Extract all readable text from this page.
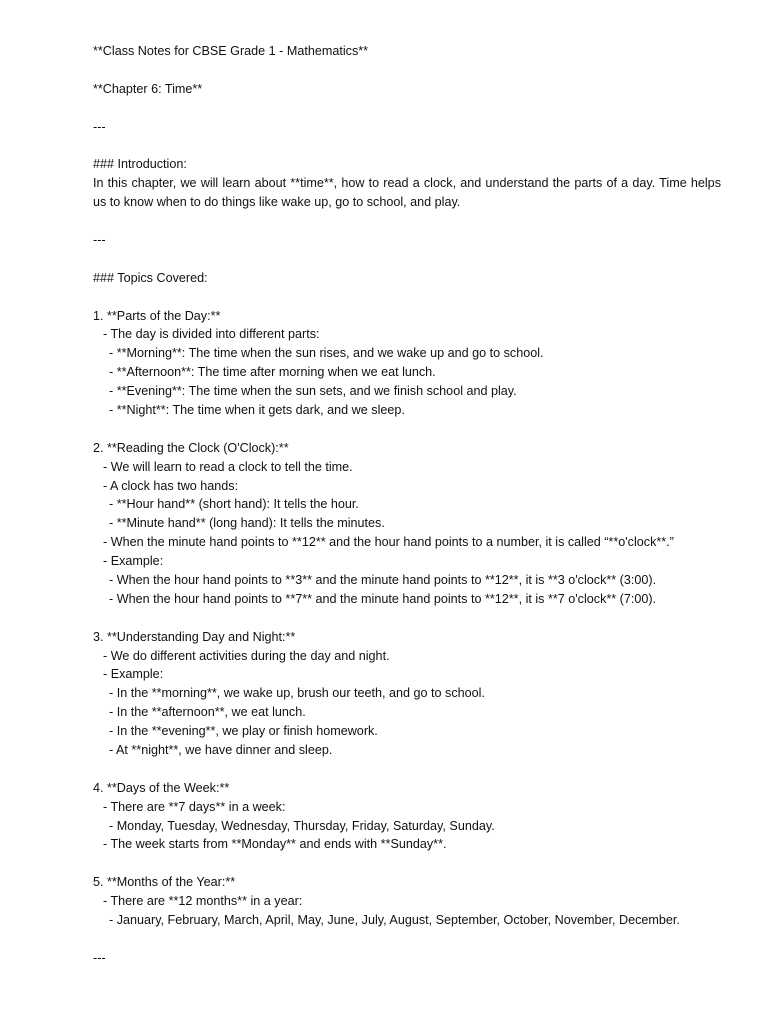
**Class Notes for CBSE Grade 1 - Mathematics**
**Chapter 6: Time**
---
### Introduction:
In this chapter, we will learn about **time**, how to read a clock, and understand the parts of a day. Time helps us to know when to do things like wake up, go to school, and play.
---
### Topics Covered:
1. **Parts of the Day:**
- The day is divided into different parts:
- **Morning**: The time when the sun rises, and we wake up and go to school.
- **Afternoon**: The time after morning when we eat lunch.
- **Evening**: The time when the sun sets, and we finish school and play.
- **Night**: The time when it gets dark, and we sleep.
2. **Reading the Clock (O'Clock):**
- We will learn to read a clock to tell the time.
- A clock has two hands:
- **Hour hand** (short hand): It tells the hour.
- **Minute hand** (long hand): It tells the minutes.
- When the minute hand points to **12** and the hour hand points to a number, it is called “**o'clock**.”
- Example:
- When the hour hand points to **3** and the minute hand points to **12**, it is **3 o'clock** (3:00).
- When the hour hand points to **7** and the minute hand points to **12**, it is **7 o'clock** (7:00).
3. **Understanding Day and Night:**
- We do different activities during the day and night.
- Example:
- In the **morning**, we wake up, brush our teeth, and go to school.
- In the **afternoon**, we eat lunch.
- In the **evening**, we play or finish homework.
- At **night**, we have dinner and sleep.
4. **Days of the Week:**
- There are **7 days** in a week:
- Monday, Tuesday, Wednesday, Thursday, Friday, Saturday, Sunday.
- The week starts from **Monday** and ends with **Sunday**.
5. **Months of the Year:**
- There are **12 months** in a year:
- January, February, March, April, May, June, July, August, September, October, November, December.
---
